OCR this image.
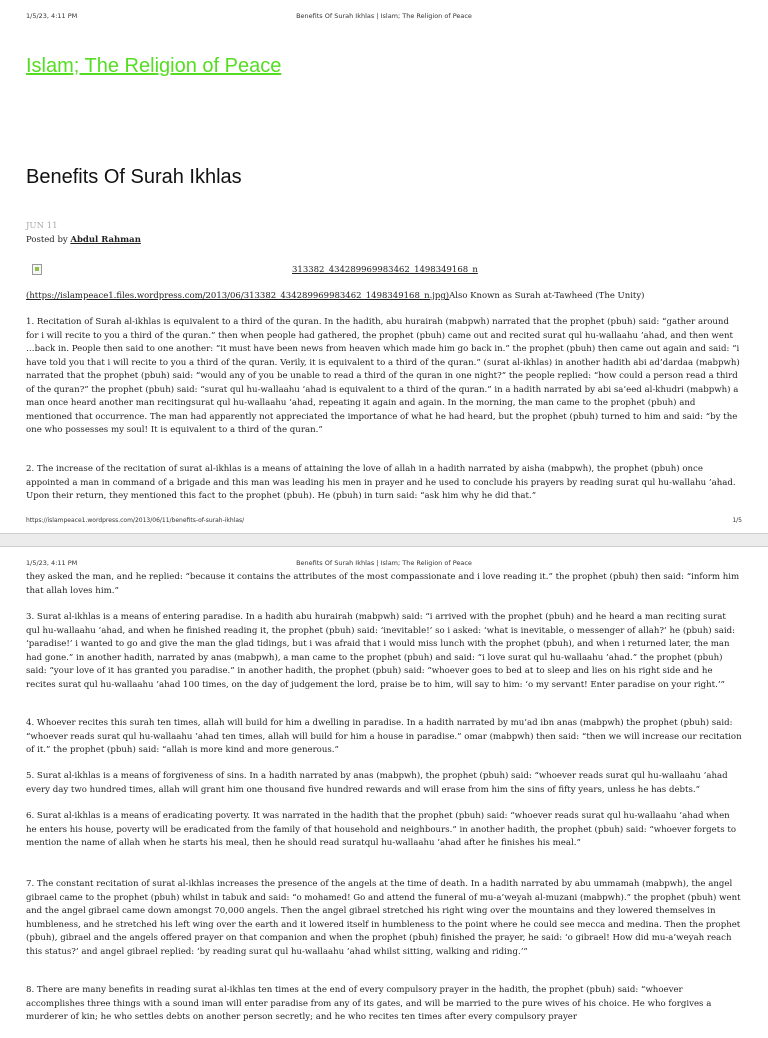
1/5/23, 4:11 PM	Benefits Of Surah Ikhlas | Islam; The Religion of Peace
Islam; The Religion of Peace
Benefits Of Surah Ikhlas
JUN 11
Posted by Abdul Rahman
313382_434289969983462_1498349168_n
(https://islampeace1.files.wordpress.com/2013/06/313382_434289969983462_1498349168_n.jpg)Also Known as Surah at-Tawheed (The Unity)

1. Recitation of Surah al-ikhlas is equivalent to a third of the quran. In the hadith, abu hurairah (mabpwh) narrated that the prophet (pbuh) said: “gather around for i will recite to you a third of the quran.” then when people had gathered, the prophet (pbuh) came out and recited surat qul hu-wallaahu ’ahad, and then went …back in. People then said to one another: “it must have been news from heaven which made him go back in.” the prophet (pbuh) then came out again and said: “i have told you that i will recite to you a third of the quran. Verily, it is equivalent to a third of the quran.” (surat al-ikhlas) in another hadith abi ad’dardaa (mabpwh) narrated that the prophet (pbuh) said: “would any of you be unable to read a third of the quran in one night?” the people replied: “how could a person read a third of the quran?” the prophet (pbuh) said: “surat qul hu-wallaahu ’ahad is equivalent to a third of the quran.” in a hadith narrated by abi sa’eed al-khudri (mabpwh) a man once heard another man recitingsurat qul hu-wallaahu ’ahad, repeating it again and again. In the morning, the man came to the prophet (pbuh) and mentioned that occurrence. The man had apparently not appreciated the importance of what he had heard, but the prophet (pbuh) turned to him and said: “by the one who possesses my soul! It is equivalent to a third of the quran.”

2. The increase of the recitation of surat al-ikhlas is a means of attaining the love of allah in a hadith narrated by aisha (mabpwh), the prophet (pbuh) once appointed a man in command of a brigade and this man was leading his men in prayer and he used to conclude his prayers by reading surat qul hu-wallahu ’ahad. Upon their return, they mentioned this fact to the prophet (pbuh). He (pbuh) in turn said: “ask him why he did that.”

https://islampeace1.wordpress.com/2013/06/11/benefits-of-surah-ikhlas/	1/5
1/5/23, 4:11 PM	Benefits Of Surah Ikhlas | Islam; The Religion of Peace

they asked the man, and he replied: “because it contains the attributes of the most compassionate and i love reading it.” the prophet (pbuh) then said: “inform him that allah loves him.”

3. Surat al-ikhlas is a means of entering paradise. In a hadith abu hurairah (mabpwh) said: “i arrived with the prophet (pbuh) and he heard a man reciting surat qul hu-wallaahu ’ahad, and when he finished reading it, the prophet (pbuh) said: ‘inevitable!’ so i asked: ‘what is inevitable, o messenger of allah?’ he (pbuh) said: ‘paradise!’ i wanted to go and give the man the glad tidings, but i was afraid that i would miss lunch with the prophet (pbuh), and when i returned later, the man had gone.” in another hadith, narrated by anas (mabpwh), a man came to the prophet (pbuh) and said: “i love surat qul hu-wallaahu ’ahad.” the prophet (pbuh) said: “your love of it has granted you paradise.” in another hadith, the prophet (pbuh) said: “whoever goes to bed at to sleep and lies on his right side and he recites surat qul hu-wallaahu ’ahad 100 times, on the day of judgement the lord, praise be to him, will say to him: ‘o my servant! Enter paradise on your right.’”

4. Whoever recites this surah ten times, allah will build for him a dwelling in paradise. In a hadith narrated by mu’ad ibn anas (mabpwh) the prophet (pbuh) said: “whoever reads surat qul hu-wallaahu ’ahad ten times, allah will build for him a house in paradise.” omar (mabpwh) then said: “then we will increase our recitation of it.” the prophet (pbuh) said: “allah is more kind and more generous.”

5. Surat al-ikhlas is a means of forgiveness of sins. In a hadith narrated by anas (mabpwh), the prophet (pbuh) said: “whoever reads surat qul hu-wallaahu ’ahad every day two hundred times, allah will grant him one thousand five hundred rewards and will erase from him the sins of fifty years, unless he has debts.”

6. Surat al-ikhlas is a means of eradicating poverty. It was narrated in the hadith that the prophet (pbuh) said: “whoever reads surat qul hu-wallaahu ’ahad when he enters his house, poverty will be eradicated from the family of that household and neighbours.” in another hadith, the prophet (pbuh) said: “whoever forgets to mention the name of allah when he starts his meal, then he should read suratqul hu-wallaahu ’ahad after he finishes his meal.”

7. The constant recitation of surat al-ikhlas increases the presence of the angels at the time of death. In a hadith narrated by abu ummamah (mabpwh), the angel gibrael came to the prophet (pbuh) whilst in tabuk and said: “o mohamed! Go and attend the funeral of mu-a’weyah al-muzani (mabpwh).” the prophet (pbuh) went and the angel gibrael came down amongst 70,000 angels. Then the angel gibrael stretched his right wing over the mountains and they lowered themselves in humbleness, and he stretched his left wing over the earth and it lowered itself in humbleness to the point where he could see mecca and medina. Then the prophet (pbuh), gibrael and the angels offered prayer on that companion and when the prophet (pbuh) finished the prayer, he said: ‘o gibrael! How did mu-a’weyah reach this status?’ and angel gibrael replied: ‘by reading surat qul hu-wallaahu ’ahad whilst sitting, walking and riding.’”

8. There are many benefits in reading surat al-ikhlas ten times at the end of every compulsory prayer in the hadith, the prophet (pbuh) said: “whoever accomplishes three things with a sound iman will enter paradise from any of its gates, and will be married to the pure wives of his choice. He who forgives a murderer of kin; he who settles debts on another person secretly; and he who recites ten times after every compulsory prayer
